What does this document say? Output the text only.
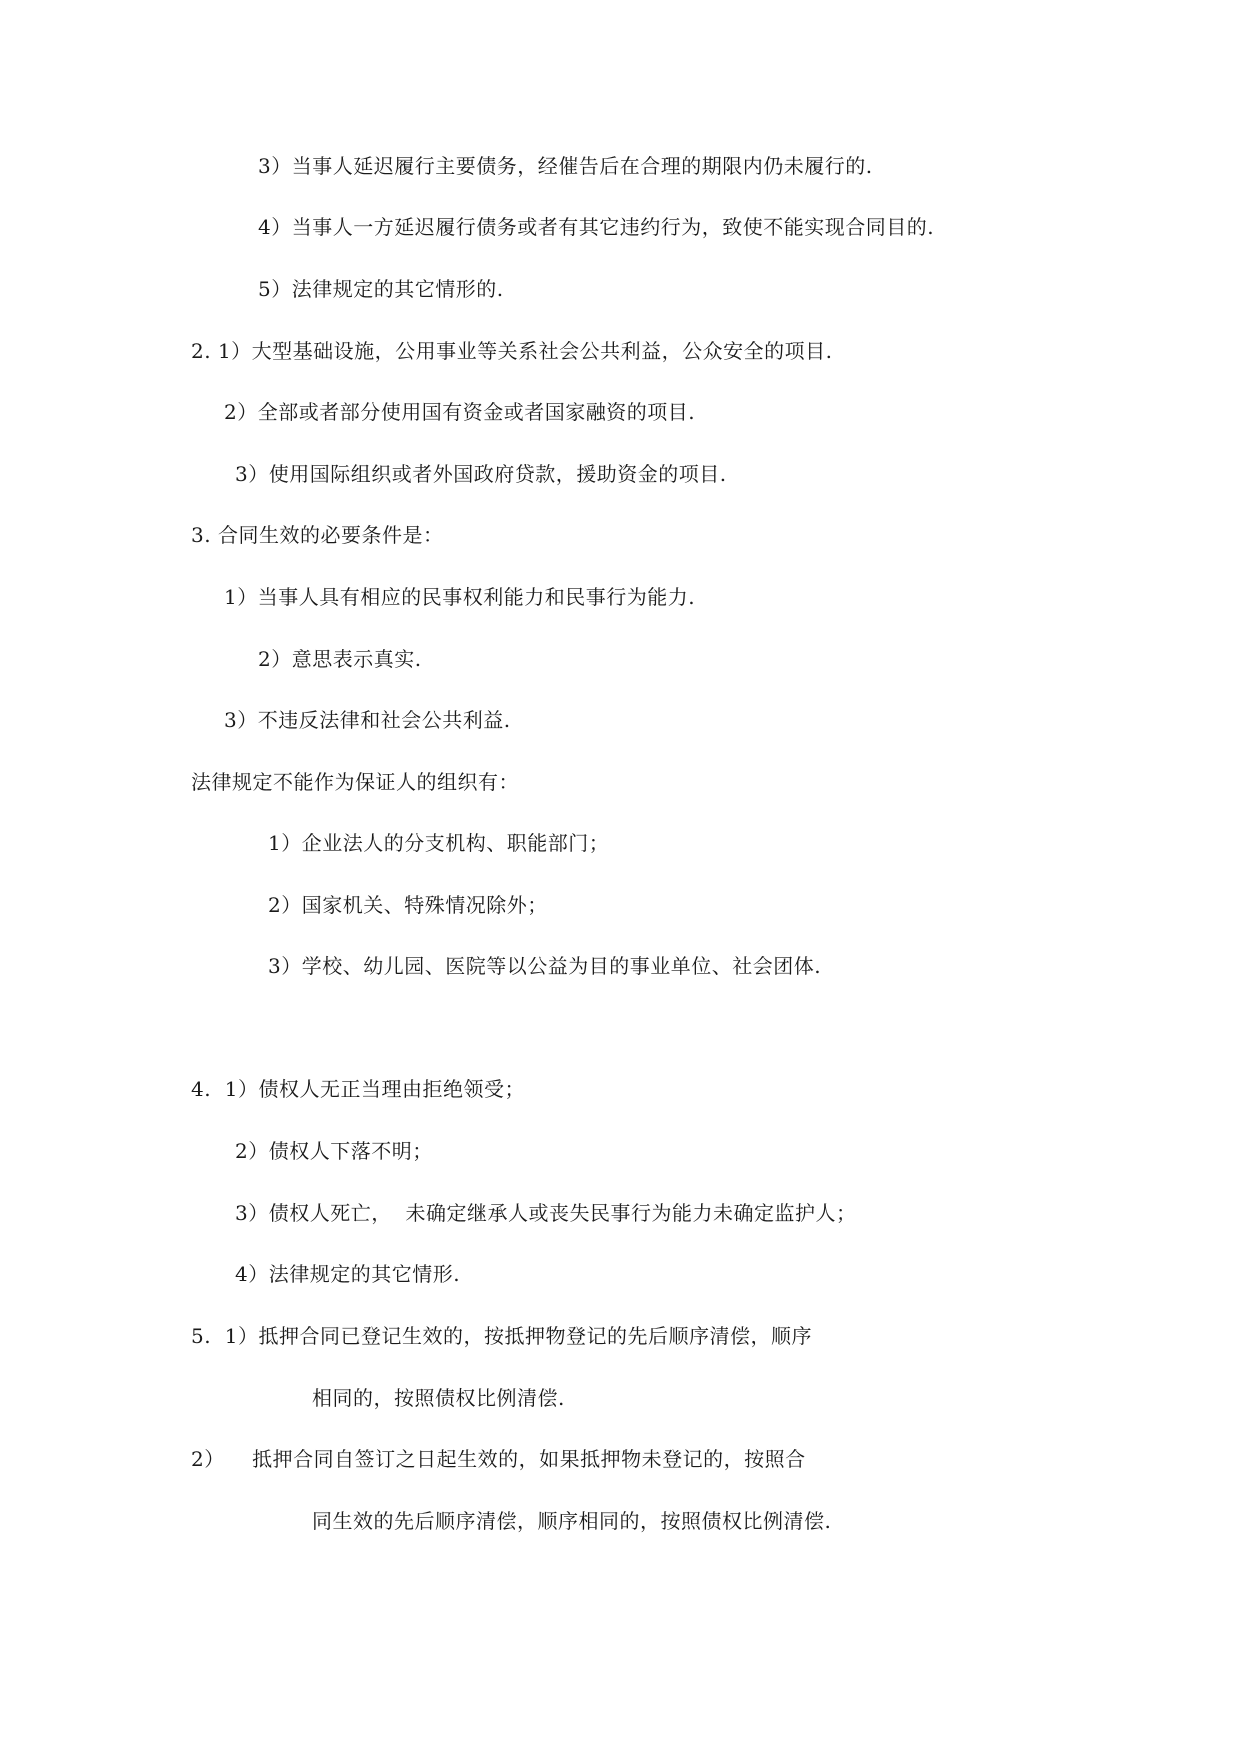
3）当事人延迟履行主要债务，经催告后在合理的期限内仍未履行的.
4）当事人一方延迟履行债务或者有其它违约行为，致使不能实现合同目的.
5）法律规定的其它情形的.
2. 1）大型基础设施，公用事业等关系社会公共利益，公众安全的项目.
2）全部或者部分使用国有资金或者国家融资的项目.
3）使用国际组织或者外国政府贷款，援助资金的项目.
3. 合同生效的必要条件是：
1）当事人具有相应的民事权利能力和民事行为能力.
2）意思表示真实.
3）不违反法律和社会公共利益.
法律规定不能作为保证人的组织有：
1）企业法人的分支机构、职能部门；
2）国家机关、特殊情况除外；
3）学校、幼儿园、医院等以公益为目的事业单位、社会团体.
4.  1）债权人无正当理由拒绝领受；
2）债权人下落不明；
3）债权人死亡，  未确定继承人或丧失民事行为能力未确定监护人；
4）法律规定的其它情形.
5.  1）抵押合同已登记生效的，按抵押物登记的先后顺序清偿，顺序
相同的，按照债权比例清偿.
2）    抵押合同自签订之日起生效的，如果抵押物未登记的，按照合
同生效的先后顺序清偿，顺序相同的，按照债权比例清偿.
